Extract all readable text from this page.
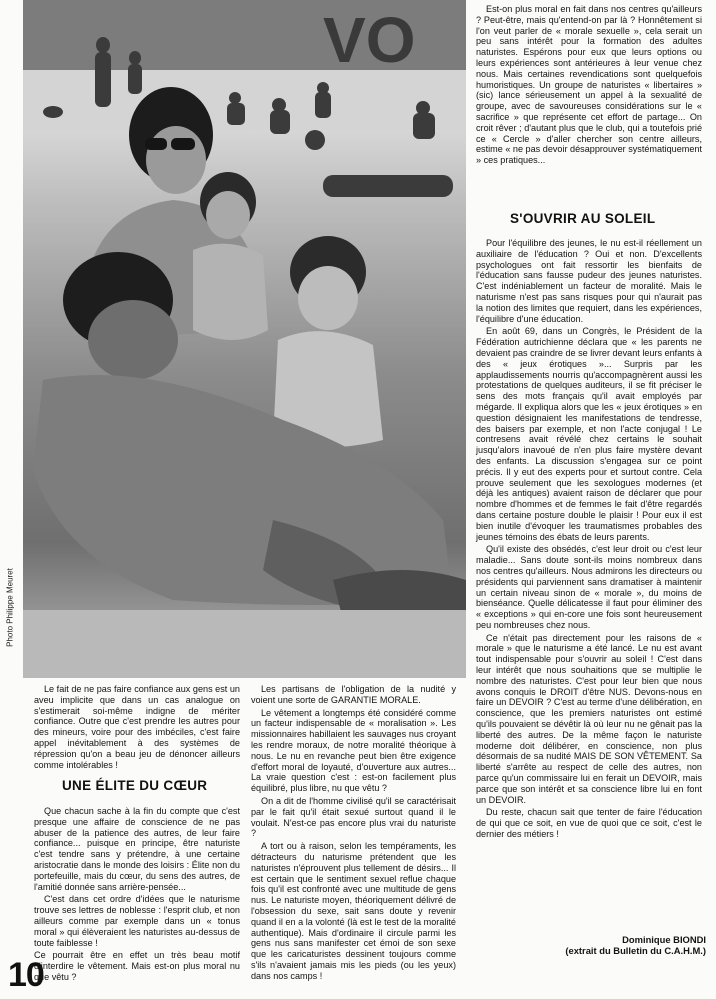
VO
Photo Philippe Meuret

Le fait de ne pas faire confiance aux gens est un aveu implicite que dans un cas analogue on s'estimerait soi-même indigne de mériter confiance. Outre que c'est prendre les autres pour des mineurs, voire pour des imbéciles, c'est faire appel inévitablement à des systèmes de répression qu'on a beau jeu de dénoncer ailleurs comme intolérables !

UNE ÉLITE DU CŒUR

Que chacun sache à la fin du compte que c'est presque une affaire de conscience de ne pas abuser de la patience des autres, de leur faire confiance... puisque en principe, être naturiste c'est tendre sans y prétendre, à une certaine aristocratie dans le monde des loisirs : Élite non du portefeuille, mais du cœur, du sens des autres, de l'amitié donnée sans arrière-pensée...

C'est dans cet ordre d'idées que le naturisme trouve ses lettres de noblesse : l'esprit club, et non ailleurs comme par exemple dans un « tonus moral » qui élèveraient les naturistes au-dessus de toute faiblesse !

Ce pourrait être en effet un très beau motif d'interdire le vêtement. Mais est-on plus moral nu que vêtu ?

Les partisans de l'obligation de la nudité y voient une sorte de GARANTIE MORALE.

Le vêtement a longtemps été considéré comme un facteur indispensable de « moralisation ». Les missionnaires habillaient les sauvages nus croyant les rendre moraux, de notre moralité théorique à nous. Le nu en revanche peut bien être exigence d'effort moral de loyauté, d'ouverture aux autres... La vraie question c'est : est-on facilement plus équilibré, plus libre, nu que vêtu ?

On a dit de l'homme civilisé qu'il se caractérisait par le fait qu'il était sexué surtout quand il le voulait. N'est-ce pas encore plus vrai du naturiste ?

A tort ou à raison, selon les tempéraments, les détracteurs du naturisme prétendent que les naturistes n'éprouvent plus tellement de désirs... Il est certain que le sentiment sexuel reflue chaque fois qu'il est confronté avec une multitude de gens nus. Le naturiste moyen, théoriquement délivré de l'obsession du sexe, sait sans doute y revenir quand il en a la volonté (là est le test de la moralité authentique). Mais d'ordinaire il circule parmi les gens nus sans manifester cet émoi de son sexe que les caricaturistes dessinent toujours comme s'ils n'avaient jamais mis les pieds (ou les yeux) dans nos camps !

Est-on plus moral en fait dans nos centres qu'ailleurs ? Peut-être, mais qu'entend-on par là ? Honnêtement si l'on veut parler de « morale sexuelle », cela serait un peu sans intérêt pour la formation des adultes naturistes. Espérons pour eux que leurs options ou leurs expériences sont antérieures à leur venue chez nous. Mais certaines revendications sont quelquefois humoristiques. Un groupe de naturistes « libertaires » (sic) lance sérieusement un appel à la sexualité de groupe, avec de savoureuses considérations sur le « sacrifice » que représente cet effort de partage... On croit rêver ; d'autant plus que le club, qui a toutefois prié ce « Cercle » d'aller chercher son centre ailleurs, estime « ne pas devoir désapprouver systématiquement » ces pratiques...

S'OUVRIR AU SOLEIL

Pour l'équilibre des jeunes, le nu est-il réellement un auxiliaire de l'éducation ? Oui et non. D'excellents psychologues ont fait ressortir les bienfaits de l'éducation sans fausse pudeur des jeunes naturistes. C'est indéniablement un facteur de moralité. Mais le naturisme n'est pas sans risques pour qui n'aurait pas la notion des limites que requiert, dans les expériences, l'équilibre d'une éducation.

En août 69, dans un Congrès, le Président de la Fédération autrichienne déclara que « les parents ne devaient pas craindre de se livrer devant leurs enfants à des « jeux érotiques »... Surpris par les applaudissements nourris qu'accompagnèrent aussi les protestations de quelques auditeurs, il se fit préciser le sens des mots français qu'il avait employés par mégarde. Il expliqua alors que les « jeux érotiques » en question désignaient les manifestations de tendresse, des baisers par exemple, et non l'acte conjugal ! Le contresens avait révélé chez certains le souhait jusqu'alors inavoué de n'en plus faire mystère devant des enfants. La discussion s'engagea sur ce point précis. Il y eut des experts pour et surtout contre. Cela prouve seulement que les sexologues modernes (et déjà les antiques) avaient raison de déclarer que pour nombre d'hommes et de femmes le fait d'être regardés dans certaine posture double le plaisir ! Pour eux il est bien inutile d'évoquer les traumatismes probables des jeunes témoins des ébats de leurs parents.

Qu'il existe des obsédés, c'est leur droit ou c'est leur maladie... Sans doute sont-ils moins nombreux dans nos centres qu'ailleurs. Nous admirons les directeurs ou présidents qui parviennent sans dramatiser à maintenir un certain niveau sinon de « morale », du moins de bienséance. Quelle délicatesse il faut pour éliminer des « exceptions » qui en-core une fois sont heureusement peu nombreuses chez nous.

Ce n'était pas directement pour les raisons de « morale » que le naturisme a été lancé. Le nu est avant tout indispensable pour s'ouvrir au soleil ! C'est dans leur intérêt que nous souhaitions que se multiplie le nombre des naturistes. C'est pour leur bien que nous avons conquis le DROIT d'être NUS. Devons-nous en faire un DEVOIR ? C'est au terme d'une délibération, en conscience, que les premiers naturistes ont estimé qu'ils pouvaient se dévêtir là où leur nu ne gênait pas la liberté des autres. De la même façon le naturiste moderne doit délibérer, en conscience, non plus désormais de sa nudité MAIS DE SON VÊTEMENT. Sa liberté s'arrête au respect de celle des autres, non parce qu'un commissaire lui en ferait un DEVOIR, mais parce que son intérêt et sa conscience libre lui en font un DEVOIR.

Du reste, chacun sait que tenter de faire l'éducation de qui que ce soit, en vue de quoi que ce soit, c'est le dernier des métiers !

Dominique BIONDI
(extrait du Bulletin du C.A.H.M.)
10
